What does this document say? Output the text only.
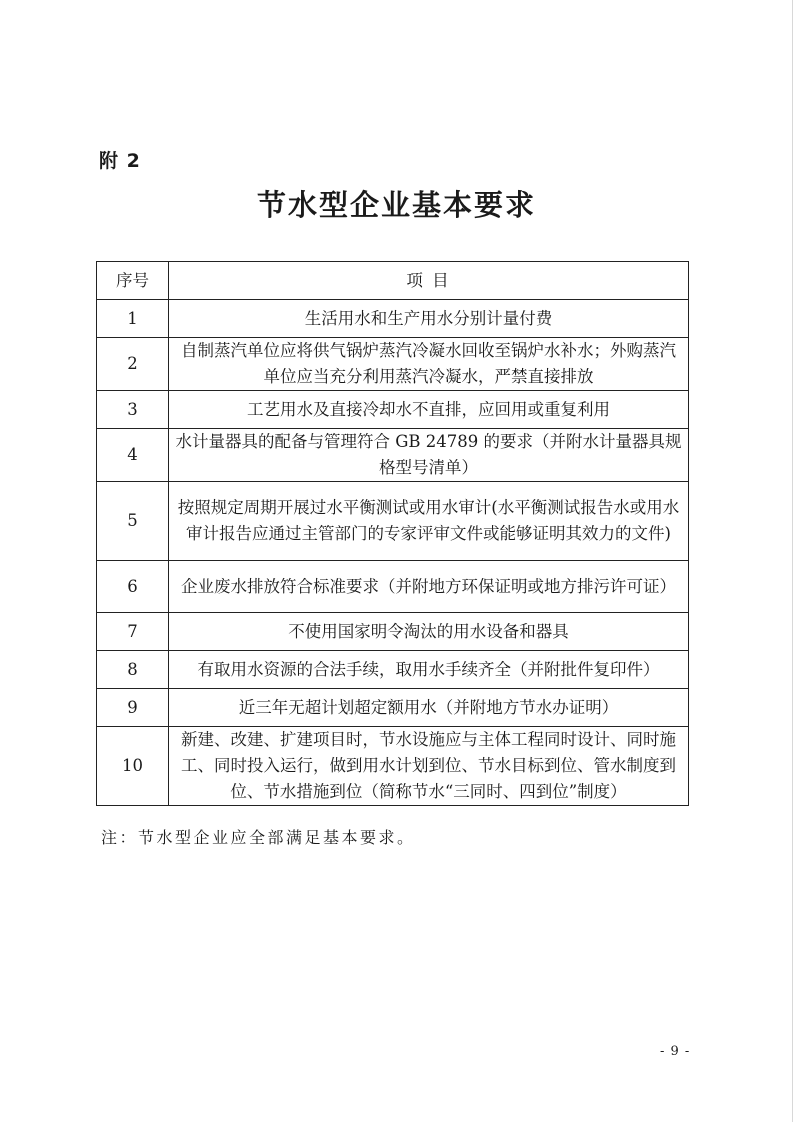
附 2
节水型企业基本要求
序号	项 目
1	生活用水和生产用水分别计量付费
2	自制蒸汽单位应将供气锅炉蒸汽冷凝水回收至锅炉水补水；外购蒸汽单位应当充分利用蒸汽冷凝水，严禁直接排放
3	工艺用水及直接冷却水不直排，应回用或重复利用
4	水计量器具的配备与管理符合 GB 24789 的要求（并附水计量器具规格型号清单）
5	按照规定周期开展过水平衡测试或用水审计(水平衡测试报告水或用水审计报告应通过主管部门的专家评审文件或能够证明其效力的文件)
6	企业废水排放符合标准要求（并附地方环保证明或地方排污许可证）
7	不使用国家明令淘汰的用水设备和器具
8	有取用水资源的合法手续，取用水手续齐全（并附批件复印件）
9	近三年无超计划超定额用水（并附地方节水办证明）
10	新建、改建、扩建项目时，节水设施应与主体工程同时设计、同时施工、同时投入运行，做到用水计划到位、节水目标到位、管水制度到位、节水措施到位（简称节水“三同时、四到位”制度）
注：节水型企业应全部满足基本要求。
- 9 -
